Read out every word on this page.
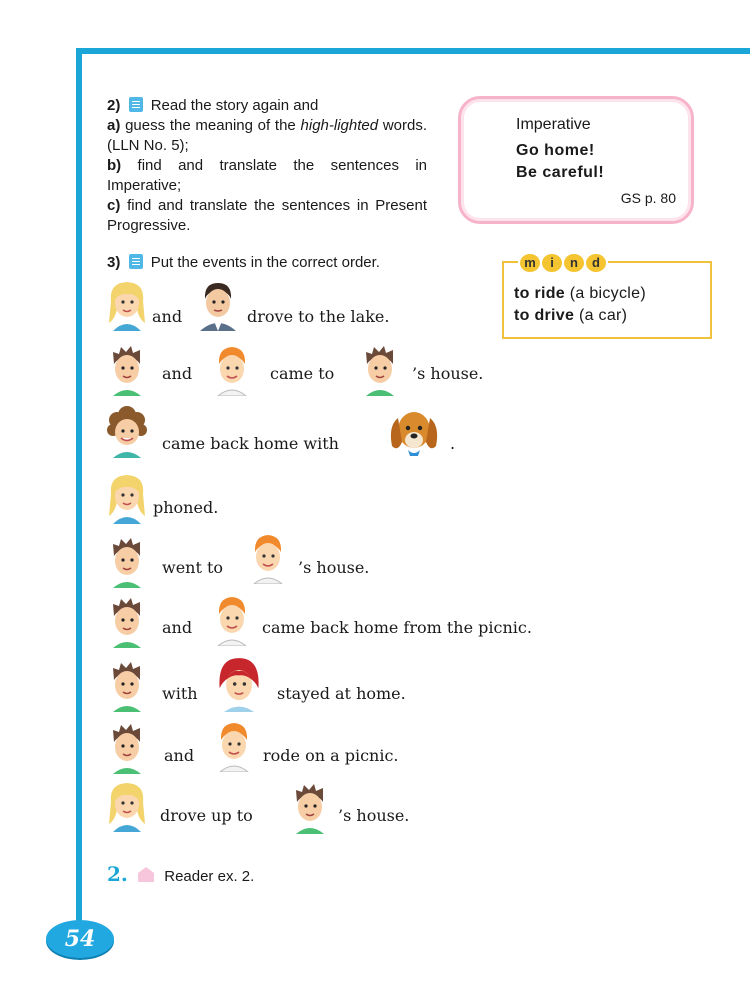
2) Read the story again and

a) guess the meaning of the high-lighted words. (LLN No. 5);

b) find and translate the sentences in Imperative;

c) find and translate the sentences in Present Progressive.

Imperative
Go home!
Be careful!
GS p. 80
m	i	n	d
to ride (a bicycle)
to drive (a car)
3) Put the events in the correct order.
and	drove to the lake.
and	came to	’s house.
came back home with	.
phoned.
went to	’s house.
and	came back home from the picnic.
with	stayed at home.
and	rode on a picnic.
drove up to	’s house.
2. Reader ex. 2.
54
